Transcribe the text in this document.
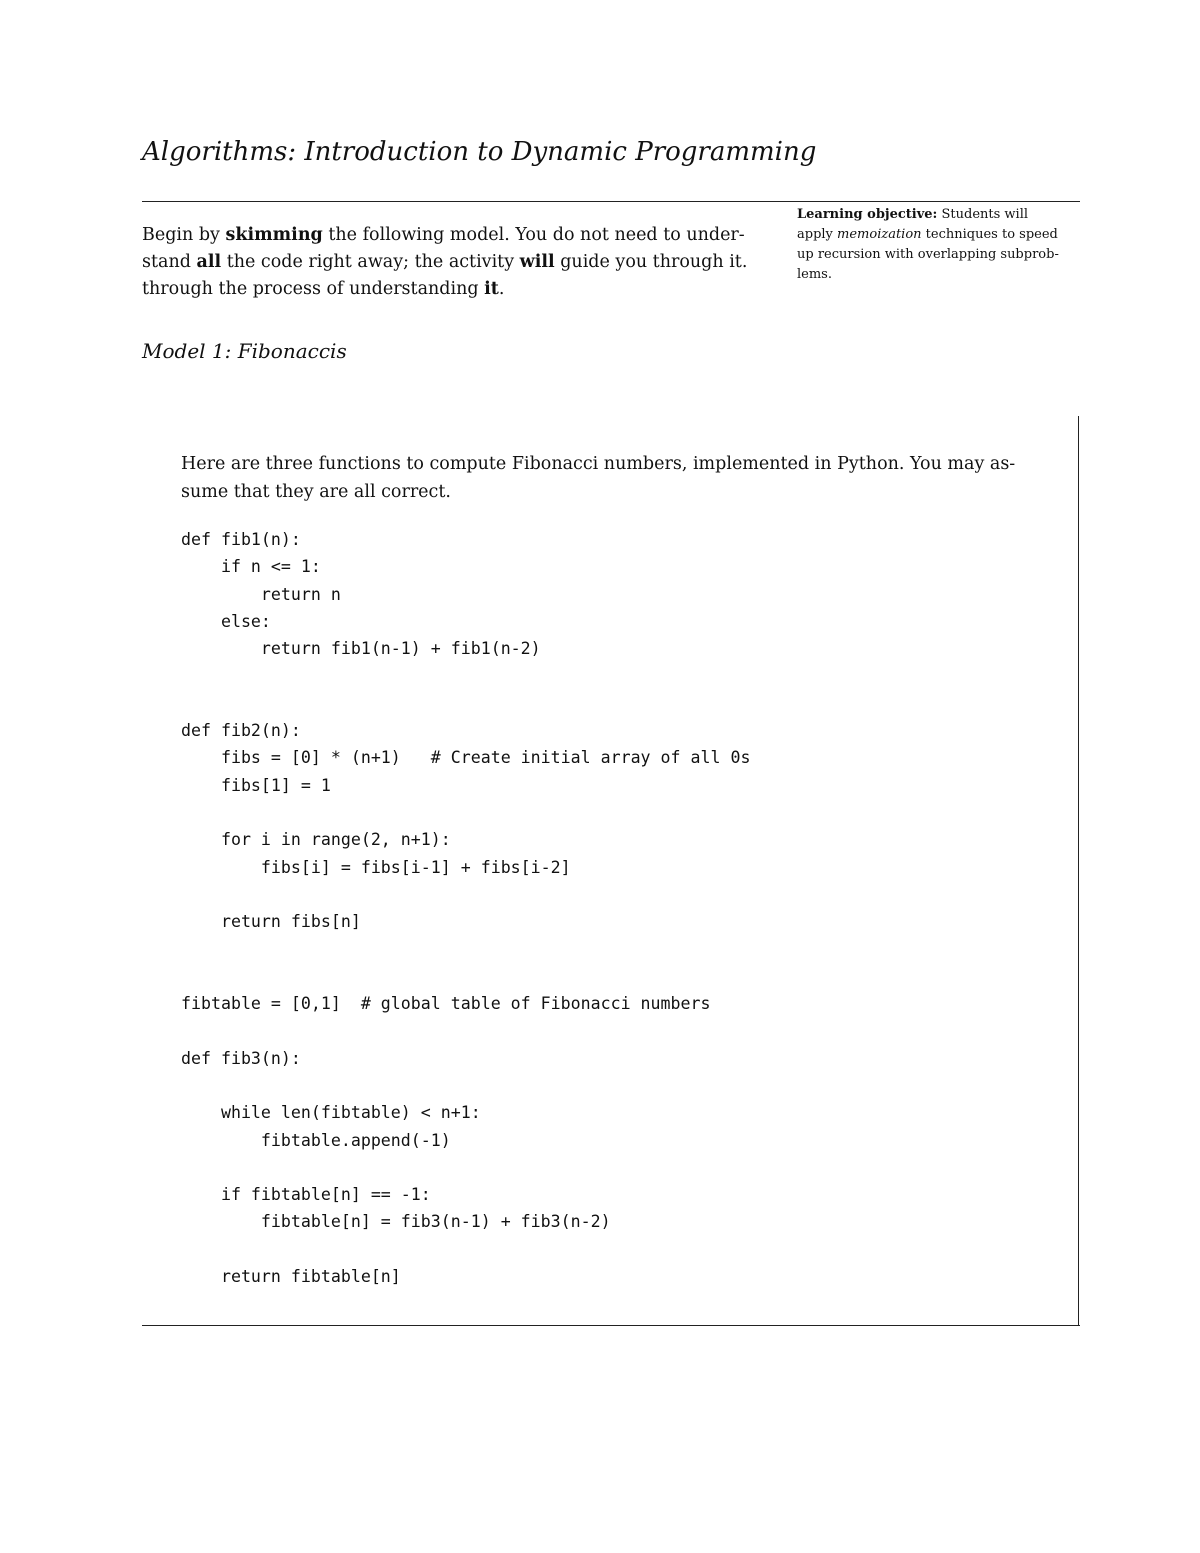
Algorithms: Introduction to Dynamic Programming

Begin by skimming the following model. You do not need to under-
stand all the code right away; the activity will guide you through it.
through the process of understanding it.

Learning objective: Students will
apply memoization techniques to speed
up recursion with overlapping subprob-
lems.
Model 1: Fibonaccis

Here are three functions to compute Fibonacci numbers, implemented in Python. You may as-
sume that they are all correct.

def fib1(n):
if n <= 1:
return n
else:
return fib1(n-1) + fib1(n-2)
def fib2(n):
fibs = [0] * (n+1)   # Create initial array of all 0s
fibs[1] = 1
for i in range(2, n+1):
fibs[i] = fibs[i-1] + fibs[i-2]
return fibs[n]
fibtable = [0,1]  # global table of Fibonacci numbers
def fib3(n):
while len(fibtable) < n+1:
fibtable.append(-1)
if fibtable[n] == -1:
fibtable[n] = fib3(n-1) + fib3(n-2)
return fibtable[n]
